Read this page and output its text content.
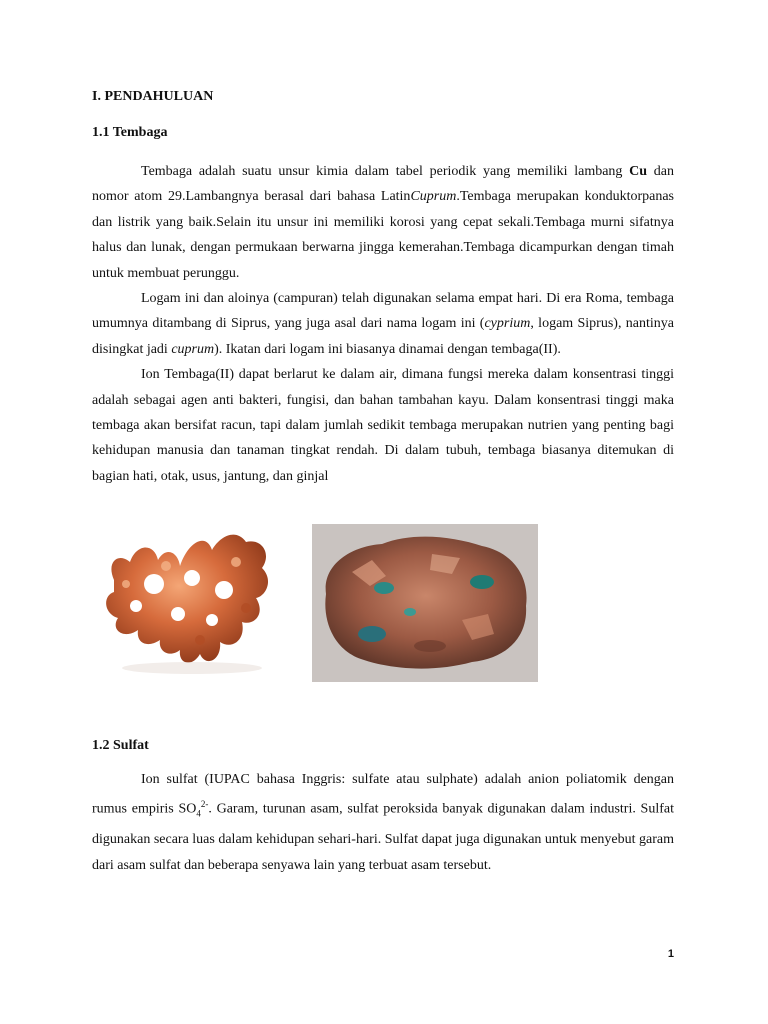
I. PENDAHULUAN
1.1 Tembaga

Tembaga adalah suatu unsur kimia dalam tabel periodik yang memiliki lambang Cu dan nomor atom 29.Lambangnya berasal dari bahasa LatinCuprum.Tembaga merupakan konduktorpanas dan listrik yang baik.Selain itu unsur ini memiliki korosi yang cepat sekali.Tembaga murni sifatnya halus dan lunak, dengan permukaan berwarna jingga kemerahan.Tembaga dicampurkan dengan timah untuk membuat perunggu.

Logam ini dan aloinya (campuran) telah digunakan selama empat hari. Di era Roma, tembaga umumnya ditambang di Siprus, yang juga asal dari nama logam ini (cyprium, logam Siprus), nantinya disingkat jadi cuprum). Ikatan dari logam ini biasanya dinamai dengan tembaga(II).

Ion Tembaga(II) dapat berlarut ke dalam air, dimana fungsi mereka dalam konsentrasi tinggi adalah sebagai agen anti bakteri, fungisi, dan bahan tambahan kayu. Dalam konsentrasi tinggi maka tembaga akan bersifat racun, tapi dalam jumlah sedikit tembaga merupakan nutrien yang penting bagi kehidupan manusia dan tanaman tingkat rendah. Di dalam tubuh, tembaga biasanya ditemukan di bagian hati, otak, usus, jantung, dan ginjal

1.2 Sulfat

Ion sulfat (IUPAC bahasa Inggris: sulfate atau sulphate) adalah anion poliatomik dengan rumus empiris $SO_4^{2-}$. Garam, turunan asam, sulfat peroksida banyak digunakan dalam industri. Sulfat digunakan secara luas dalam kehidupan sehari-hari. Sulfat dapat juga digunakan untuk menyebut garam dari asam sulfat dan beberapa senyawa lain yang terbuat asam tersebut.

1
